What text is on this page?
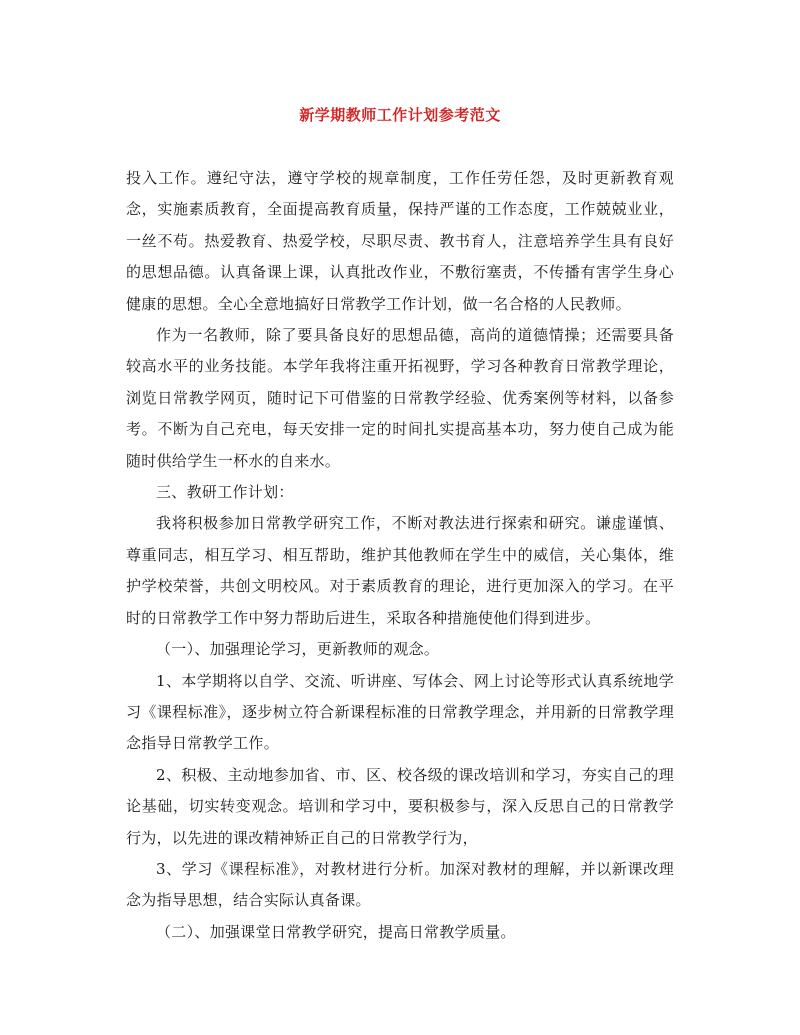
新学期教师工作计划参考范文

投入工作。遵纪守法，遵守学校的规章制度，工作任劳任怨，及时更新教育观念，实施素质教育，全面提高教育质量，保持严谨的工作态度，工作兢兢业业，一丝不苟。热爱教育、热爱学校，尽职尽责、教书育人，注意培养学生具有良好的思想品德。认真备课上课，认真批改作业，不敷衍塞责，不传播有害学生身心健康的思想。全心全意地搞好日常教学工作计划，做一名合格的人民教师。

作为一名教师，除了要具备良好的思想品德，高尚的道德情操；还需要具备较高水平的业务技能。本学年我将注重开拓视野，学习各种教育日常教学理论，浏览日常教学网页，随时记下可借鉴的日常教学经验、优秀案例等材料，以备参考。不断为自己充电，每天安排一定的时间扎实提高基本功，努力使自己成为能随时供给学生一杯水的自来水。

三、教研工作计划：

我将积极参加日常教学研究工作，不断对教法进行探索和研究。谦虚谨慎、尊重同志，相互学习、相互帮助，维护其他教师在学生中的威信，关心集体，维护学校荣誉，共创文明校风。对于素质教育的理论，进行更加深入的学习。在平时的日常教学工作中努力帮助后进生，采取各种措施使他们得到进步。

（一）、加强理论学习，更新教师的观念。

1、本学期将以自学、交流、听讲座、写体会、网上讨论等形式认真系统地学习《课程标准》，逐步树立符合新课程标准的日常教学理念，并用新的日常教学理念指导日常教学工作。

2、积极、主动地参加省、市、区、校各级的课改培训和学习，夯实自己的理论基础，切实转变观念。培训和学习中，要积极参与，深入反思自己的日常教学行为，以先进的课改精神矫正自己的日常教学行为，

3、学习《课程标准》，对教材进行分析。加深对教材的理解，并以新课改理念为指导思想，结合实际认真备课。

（二）、加强课堂日常教学研究，提高日常教学质量。
